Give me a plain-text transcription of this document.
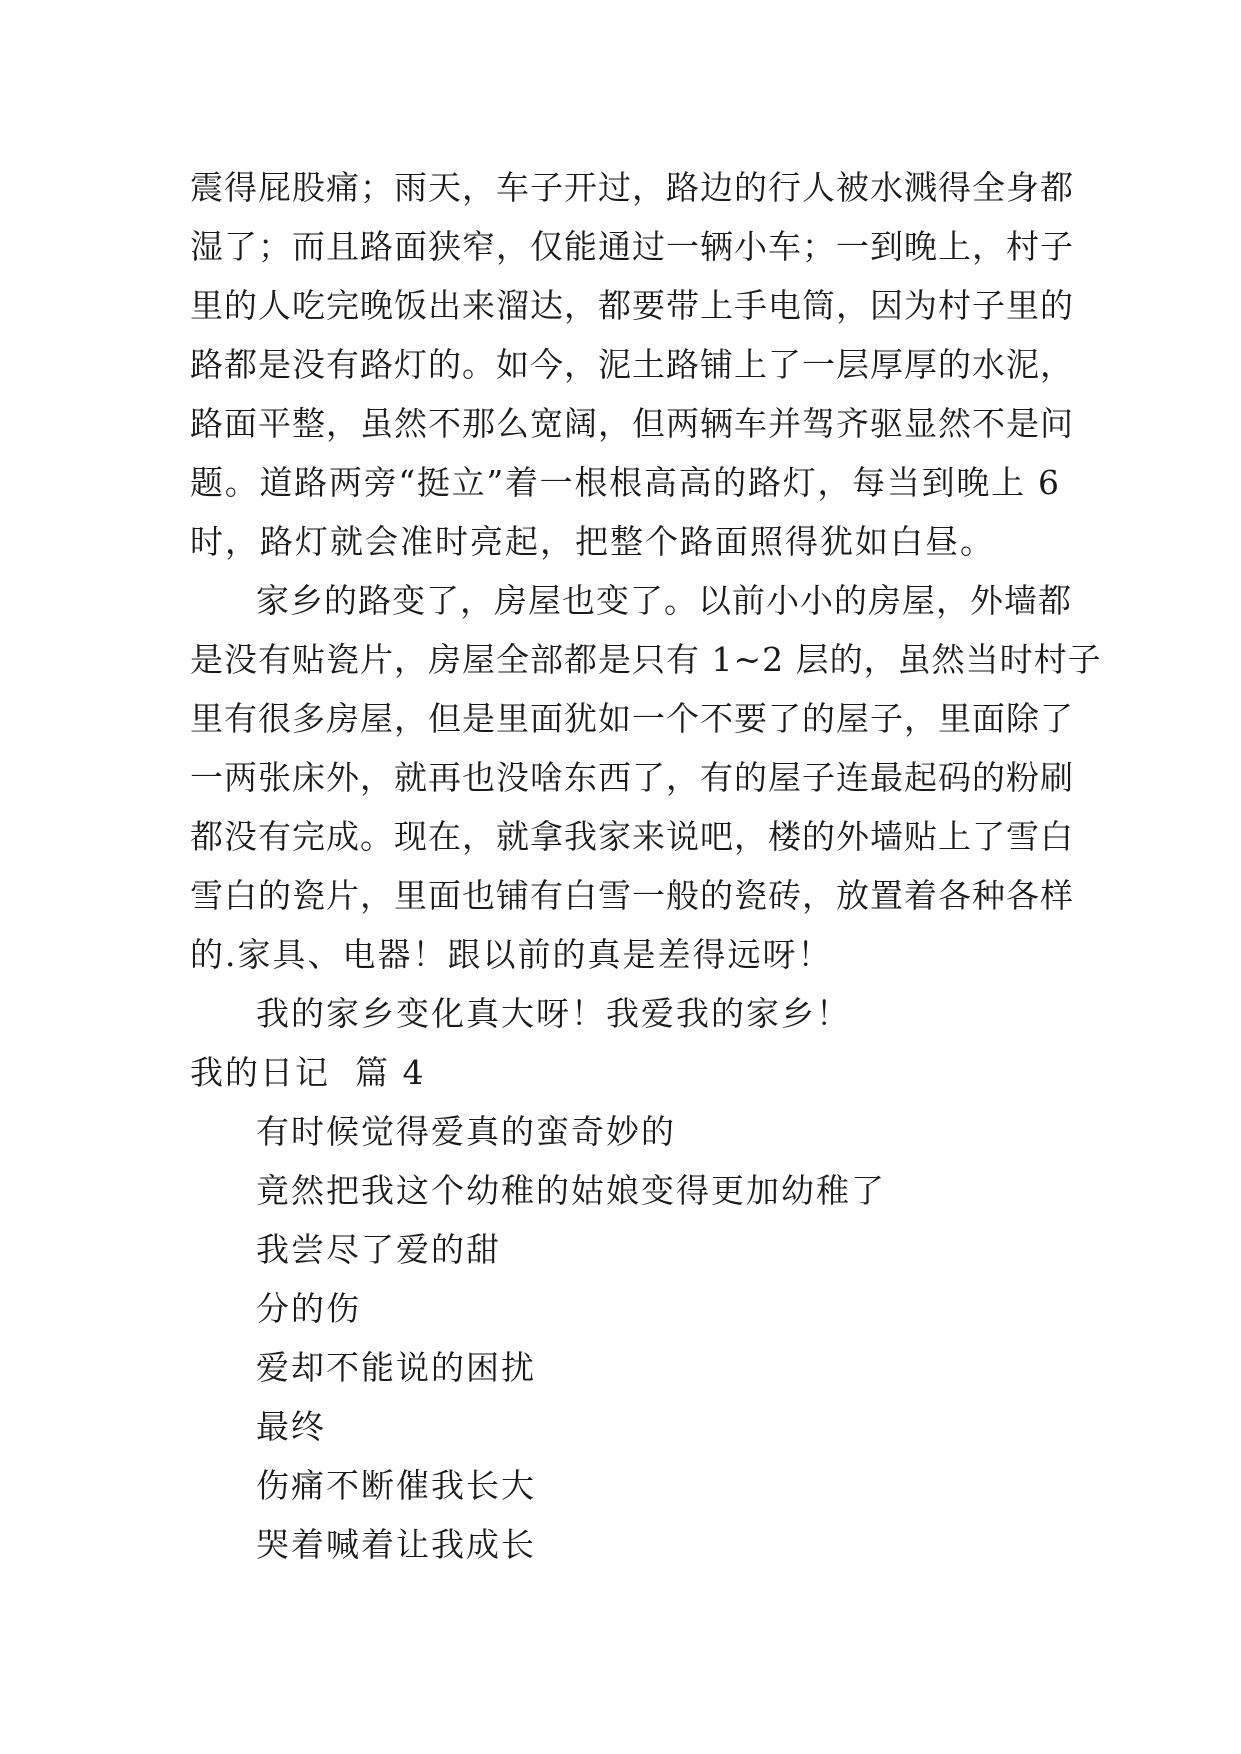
震得屁股痛；雨天，车子开过，路边的行人被水溅得全身都
湿了；而且路面狭窄，仅能通过一辆小车；一到晚上，村子
里的人吃完晚饭出来溜达，都要带上手电筒，因为村子里的
路都是没有路灯的。如今，泥土路铺上了一层厚厚的水泥，
路面平整，虽然不那么宽阔，但两辆车并驾齐驱显然不是问
题。道路两旁“挺立”着一根根高高的路灯，每当到晚上 6
时，路灯就会准时亮起，把整个路面照得犹如白昼。
家乡的路变了，房屋也变了。以前小小的房屋，外墙都
是没有贴瓷片，房屋全部都是只有 1~2 层的，虽然当时村子
里有很多房屋，但是里面犹如一个不要了的屋子，里面除了
一两张床外，就再也没啥东西了，有的屋子连最起码的粉刷
都没有完成。现在，就拿我家来说吧，楼的外墙贴上了雪白
雪白的瓷片，里面也铺有白雪一般的瓷砖，放置着各种各样
的.家具、电器！跟以前的真是差得远呀！
我的家乡变化真大呀！我爱我的家乡！
我的日记  篇 4
有时候觉得爱真的蛮奇妙的
竟然把我这个幼稚的姑娘变得更加幼稚了
我尝尽了爱的甜
分的伤
爱却不能说的困扰
最终
伤痛不断催我长大
哭着喊着让我成长
